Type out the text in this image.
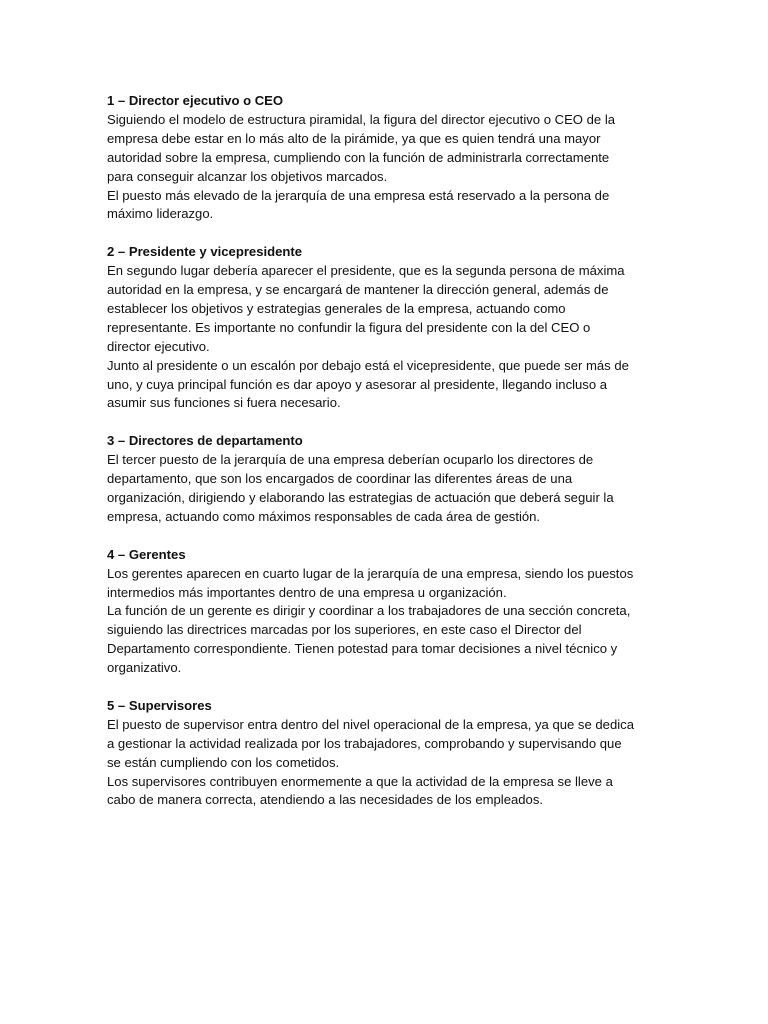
1 – Director ejecutivo o CEO
Siguiendo el modelo de estructura piramidal, la figura del director ejecutivo o CEO de la
empresa debe estar en lo más alto de la pirámide, ya que es quien tendrá una mayor
autoridad sobre la empresa, cumpliendo con la función de administrarla correctamente
para conseguir alcanzar los objetivos marcados.
El puesto más elevado de la jerarquía de una empresa está reservado a la persona de
máximo liderazgo.
2 – Presidente y vicepresidente
En segundo lugar debería aparecer el presidente, que es la segunda persona de máxima
autoridad en la empresa, y se encargará de mantener la dirección general, además de
establecer los objetivos y estrategias generales de la empresa, actuando como
representante. Es importante no confundir la figura del presidente con la del CEO o
director ejecutivo.
Junto al presidente o un escalón por debajo está el vicepresidente, que puede ser más de
uno, y cuya principal función es dar apoyo y asesorar al presidente, llegando incluso a
asumir sus funciones si fuera necesario.
3 – Directores de departamento
El tercer puesto de la jerarquía de una empresa deberían ocuparlo los directores de
departamento, que son los encargados de coordinar las diferentes áreas de una
organización, dirigiendo y elaborando las estrategias de actuación que deberá seguir la
empresa, actuando como máximos responsables de cada área de gestión.
4 – Gerentes
Los gerentes aparecen en cuarto lugar de la jerarquía de una empresa, siendo los puestos
intermedios más importantes dentro de una empresa u organización.
La función de un gerente es dirigir y coordinar a los trabajadores de una sección concreta,
siguiendo las directrices marcadas por los superiores, en este caso el Director del
Departamento correspondiente. Tienen potestad para tomar decisiones a nivel técnico y
organizativo.
5 – Supervisores
El puesto de supervisor entra dentro del nivel operacional de la empresa, ya que se dedica
a gestionar la actividad realizada por los trabajadores, comprobando y supervisando que
se están cumpliendo con los cometidos.
Los supervisores contribuyen enormemente a que la actividad de la empresa se lleve a
cabo de manera correcta, atendiendo a las necesidades de los empleados.
